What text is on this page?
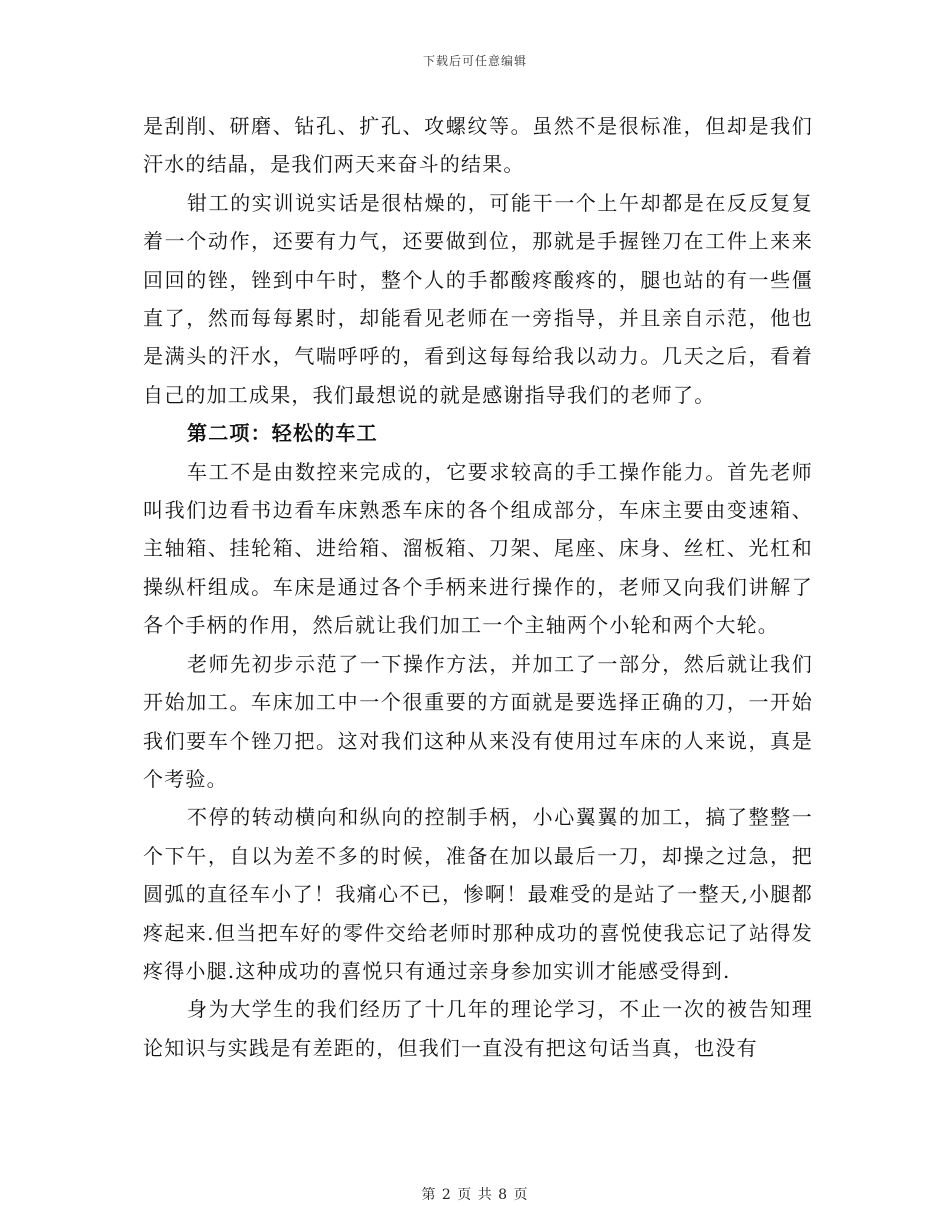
下载后可任意编辑

是刮削、研磨、钻孔、扩孔、攻螺纹等。虽然不是很标准，但却是我们汗水的结晶，是我们两天来奋斗的结果。

钳工的实训说实话是很枯燥的，可能干一个上午却都是在反反复复着一个动作，还要有力气，还要做到位，那就是手握锉刀在工件上来来回回的锉，锉到中午时，整个人的手都酸疼酸疼的，腿也站的有一些僵直了，然而每每累时，却能看见老师在一旁指导，并且亲自示范，他也是满头的汗水，气喘呼呼的，看到这每每给我以动力。几天之后，看着自己的加工成果，我们最想说的就是感谢指导我们的老师了。

第二项：轻松的车工

车工不是由数控来完成的，它要求较高的手工操作能力。首先老师叫我们边看书边看车床熟悉车床的各个组成部分，车床主要由变速箱、主轴箱、挂轮箱、进给箱、溜板箱、刀架、尾座、床身、丝杠、光杠和操纵杆组成。车床是通过各个手柄来进行操作的，老师又向我们讲解了各个手柄的作用，然后就让我们加工一个主轴两个小轮和两个大轮。

老师先初步示范了一下操作方法，并加工了一部分，然后就让我们开始加工。车床加工中一个很重要的方面就是要选择正确的刀，一开始我们要车个锉刀把。这对我们这种从来没有使用过车床的人来说，真是个考验。

不停的转动横向和纵向的控制手柄，小心翼翼的加工，搞了整整一个下午，自以为差不多的时候，准备在加以最后一刀，却操之过急，把圆弧的直径车小了！我痛心不已，惨啊！最难受的是站了一整天,小腿都疼起来.但当把车好的零件交给老师时那种成功的喜悦使我忘记了站得发疼得小腿.这种成功的喜悦只有通过亲身参加实训才能感受得到.

身为大学生的我们经历了十几年的理论学习，不止一次的被告知理论知识与实践是有差距的，但我们一直没有把这句话当真，也没有

第 2 页 共 8 页
